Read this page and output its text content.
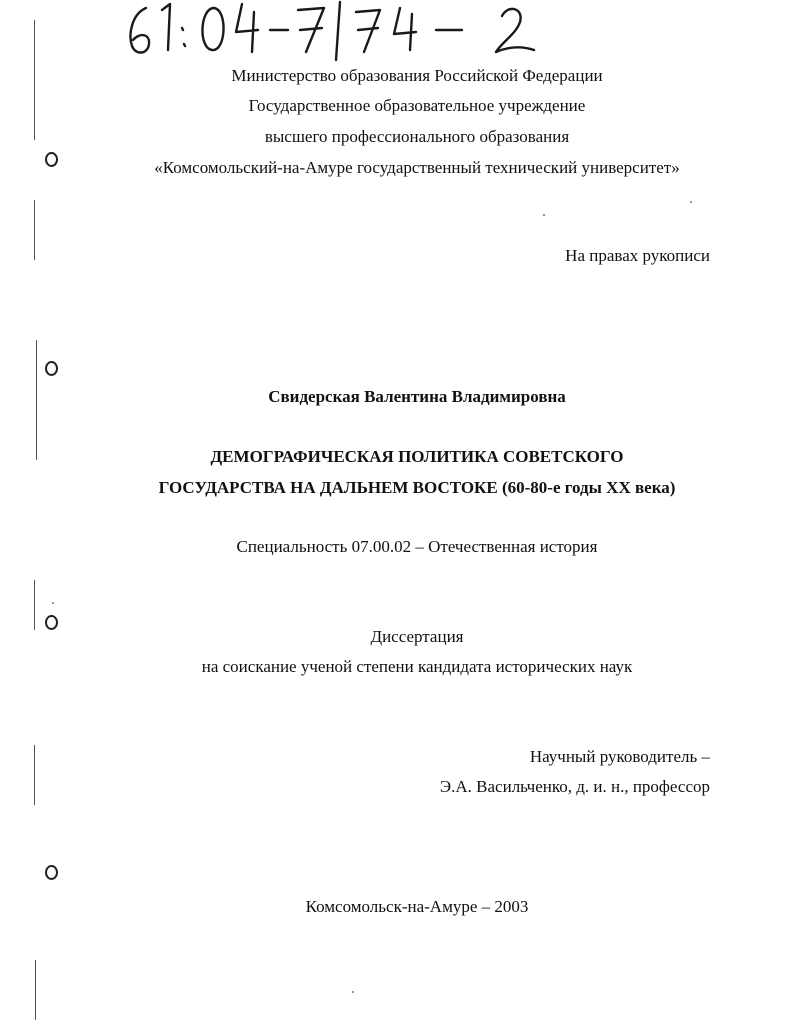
Министерство образования Российской Федерации
Государственное образовательное учреждение
высшего профессионального образования
«Комсомольский-на-Амуре государственный технический университет»
На правах рукописи
Свидерская Валентина Владимировна
ДЕМОГРАФИЧЕСКАЯ ПОЛИТИКА СОВЕТСКОГО
ГОСУДАРСТВА НА ДАЛЬНЕМ ВОСТОКЕ (60-80-е годы XX века)
Специальность 07.00.02 – Отечественная история
Диссертация
на соискание ученой степени кандидата исторических наук
Научный руководитель –
Э.А. Васильченко, д. и. н., профессор
Комсомольск-на-Амуре – 2003
